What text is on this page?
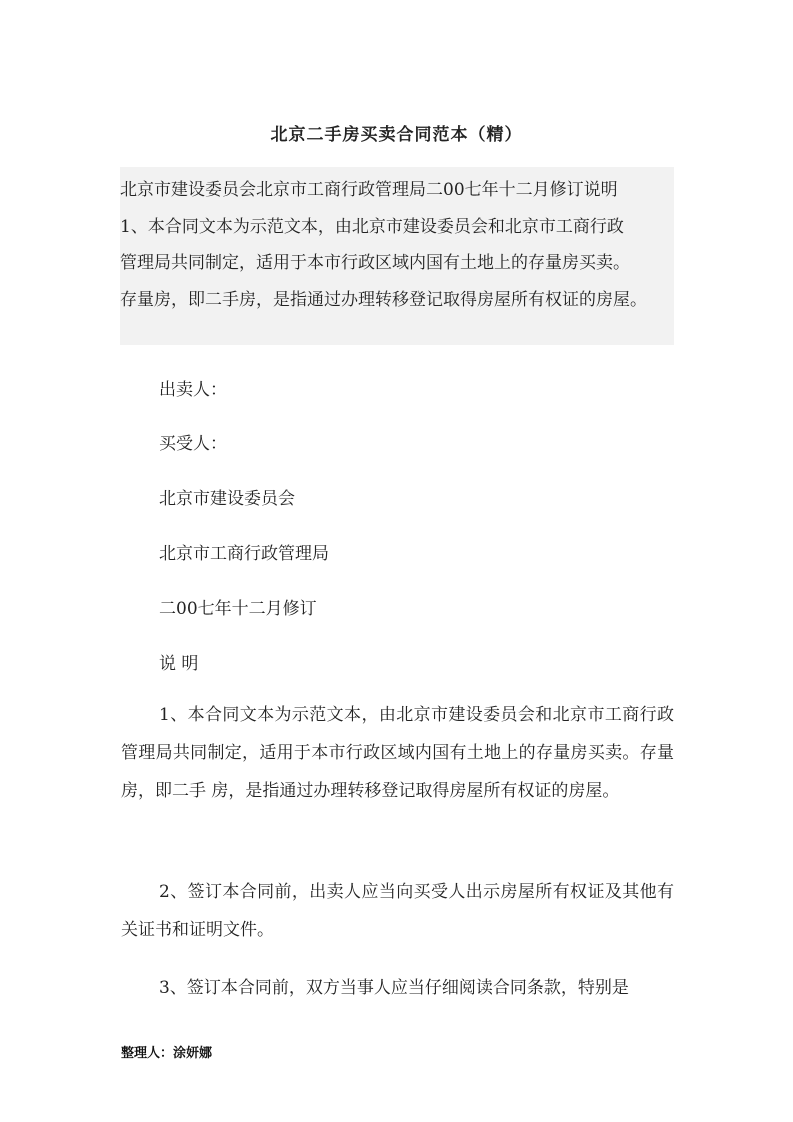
北京二手房买卖合同范本（精）

北京市建设委员会北京市工商行政管理局二00七年十二月修订说明

1、本合同文本为示范文本，由北京市建设委员会和北京市工商行政

管理局共同制定，适用于本市行政区域内国有土地上的存量房买卖。

存量房，即二手房，是指通过办理转移登记取得房屋所有权证的房屋。

出卖人：

买受人：

北京市建设委员会

北京市工商行政管理局

二00七年十二月修订

说 明

1、本合同文本为示范文本，由北京市建设委员会和北京市工商行政管理局共同制定，适用于本市行政区域内国有土地上的存量房买卖。存量房，即二手 房，是指通过办理转移登记取得房屋所有权证的房屋。

2、签订本合同前，出卖人应当向买受人出示房屋所有权证及其他有关证书和证明文件。

3、签订本合同前，双方当事人应当仔细阅读合同条款，特别是

整理人：涂妍娜
